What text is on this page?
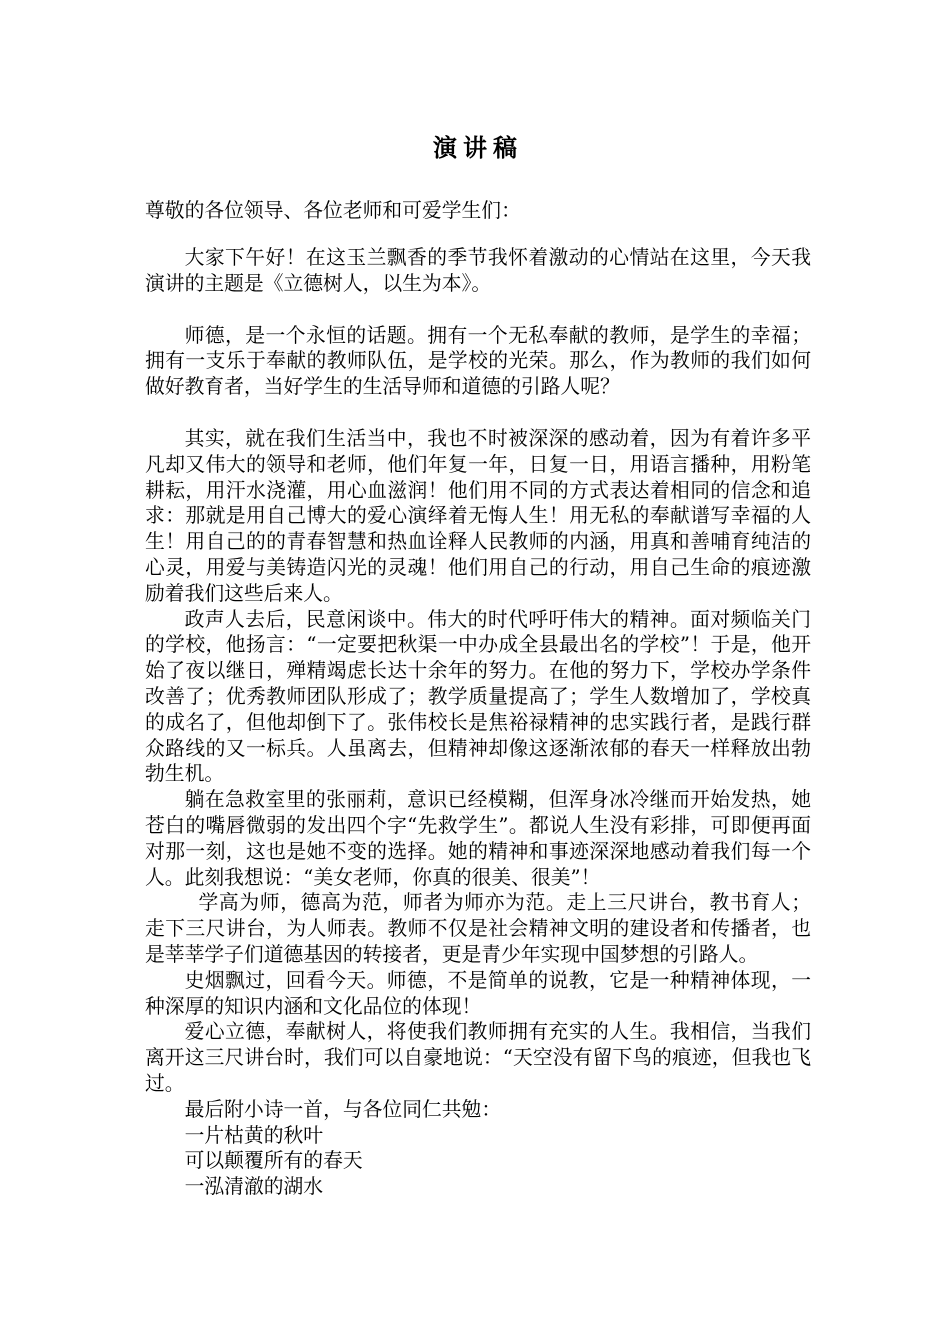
演讲稿
尊敬的各位领导、各位老师和可爱学生们：

大家下午好！在这玉兰飘香的季节我怀着激动的心情站在这里，今天我演讲的主题是《立德树人，以生为本》。

师德，是一个永恒的话题。拥有一个无私奉献的教师，是学生的幸福；拥有一支乐于奉献的教师队伍，是学校的光荣。那么，作为教师的我们如何做好教育者，当好学生的生活导师和道德的引路人呢？

其实，就在我们生活当中，我也不时被深深的感动着，因为有着许多平凡却又伟大的领导和老师，他们年复一年，日复一日，用语言播种，用粉笔耕耘，用汗水浇灌，用心血滋润！他们用不同的方式表达着相同的信念和追求：那就是用自己博大的爱心演绎着无悔人生！用无私的奉献谱写幸福的人生！用自己的的青春智慧和热血诠释人民教师的内涵，用真和善哺育纯洁的心灵，用爱与美铸造闪光的灵魂！他们用自己的行动，用自己生命的痕迹激励着我们这些后来人。

政声人去后，民意闲谈中。伟大的时代呼吁伟大的精神。面对频临关门的学校，他扬言：“一定要把秋渠一中办成全县最出名的学校”！于是，他开始了夜以继日，殚精竭虑长达十余年的努力。在他的努力下，学校办学条件改善了；优秀教师团队形成了；教学质量提高了；学生人数增加了，学校真的成名了，但他却倒下了。张伟校长是焦裕禄精神的忠实践行者，是践行群众路线的又一标兵。人虽离去，但精神却像这逐渐浓郁的春天一样释放出勃勃生机。

躺在急救室里的张丽莉，意识已经模糊，但浑身冰冷继而开始发热，她苍白的嘴唇微弱的发出四个字“先救学生”。都说人生没有彩排，可即便再面对那一刻，这也是她不变的选择。她的精神和事迹深深地感动着我们每一个人。此刻我想说：“美女老师，你真的很美、很美”！

学高为师，德高为范，师者为师亦为范。走上三尺讲台，教书育人；走下三尺讲台，为人师表。教师不仅是社会精神文明的建设者和传播者，也是莘莘学子们道德基因的转接者，更是青少年实现中国梦想的引路人。

史烟飘过，回看今天。师德，不是简单的说教，它是一种精神体现，一种深厚的知识内涵和文化品位的体现！

爱心立德，奉献树人，将使我们教师拥有充实的人生。我相信，当我们离开这三尺讲台时，我们可以自豪地说：“天空没有留下鸟的痕迹，但我也飞过。

最后附小诗一首，与各位同仁共勉：

一片枯黄的秋叶

可以颠覆所有的春天

一泓清澈的湖水
